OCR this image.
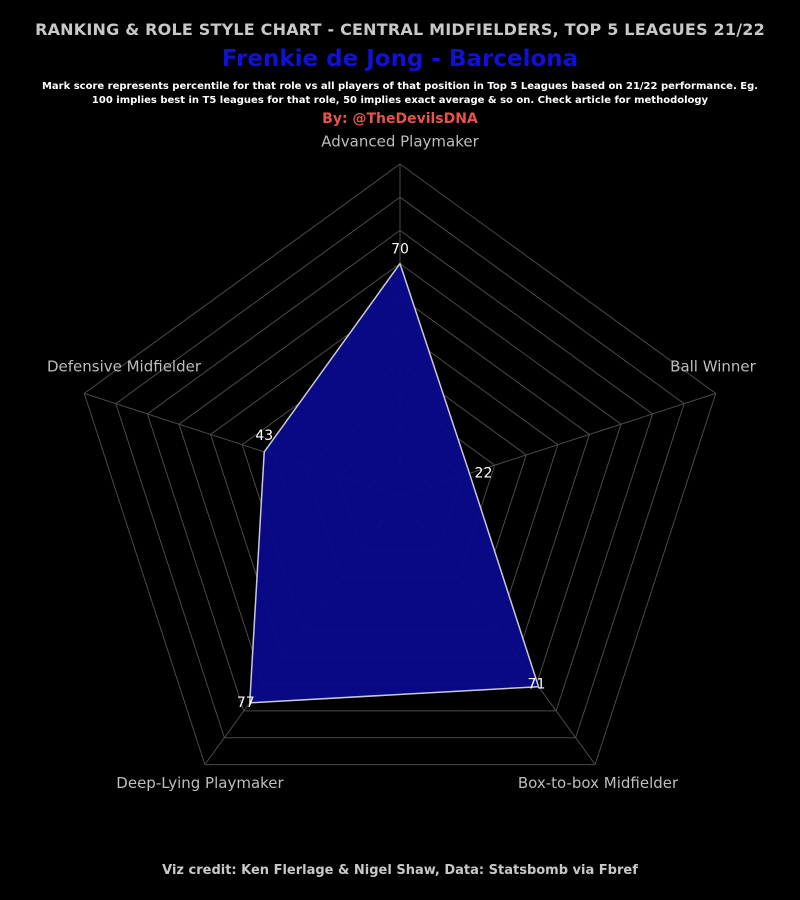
RANKING & ROLE STYLE CHART - CENTRAL MIDFIELDERS, TOP 5 LEAGUES 21/22
Frenkie de Jong - Barcelona
Mark score represents percentile for that role vs all players of that position in Top 5 Leagues based on 21/22 performance. Eg. 100 implies best in T5 leagues for that role, 50 implies exact average & so on. Check article for methodology
By: @TheDevilsDNA
Advanced Playmaker
Ball Winner
Box-to-box Midfielder
Deep-Lying Playmaker
Defensive Midfielder
70
22
71
77
43
Viz credit: Ken Flerlage & Nigel Shaw, Data: Statsbomb via Fbref
